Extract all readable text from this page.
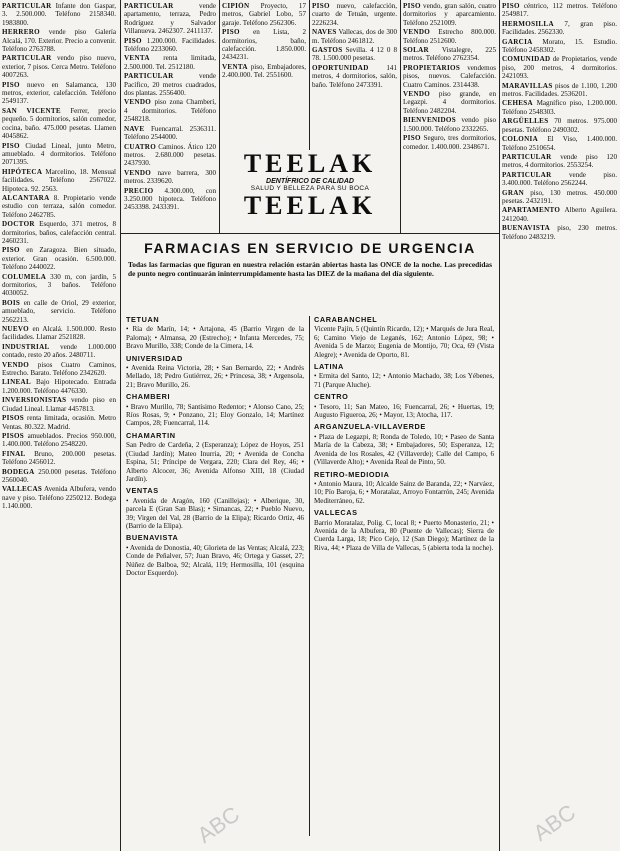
PARTICULAR Infante don Gaspar, 3. 2.500.000. Teléfono 2158340. 1983800.

HERRERO vende piso Galería Alcalá, 170. Exterior. Precio a convenir. Teléfono 2763788.

PARTICULAR vendo piso nuevo, exterior, 7 pisos. Cerca Metro. Teléfono 4007263.

PISO nuevo en Salamanca, 130 metros, exterior, calefacción. Teléfono 2549137.

SAN VICENTE Ferrer, precio pequeño. 5 dormitorios, salón comedor, cocina, baño. 475.000 pesetas. Llamen 4045862.

PISO Ciudad Lineal, junto Metro, amueblado. 4 dormitorios. Teléfono 2071395.

HIPÓTECA Marcelino, 18. Mensual facilidades. Teléfono 2567022. Hipoteca. 92. 2563.

ALCANTARA 8. Propietario vende estudio con terraza, salón comedor. Teléfono 2462785.

DOCTOR Esquerdo, 371 metros, 8 dormitorios, baños, calefacción central. 2460231.

PISO en Zaragoza. Bien situado, exterior. Gran ocasión. 6.500.000. Teléfono 2440022.

COLUMELA 330 m, con jardín, 5 dormitorios, 3 baños. Teléfono 4030052.

BOIS en calle de Oriol, 29 exterior, amueblado, servicio. Teléfono 2562213.

NUEVO en Alcalá. 1.500.000. Resto facilidades. Llamar 2521828.

INDUSTRIAL vende 1.000.000 contado, resto 20 años. 2480711.

VENDO pisos Cuatro Caminos, Estrecho. Barato. Teléfono 2342620.

LINEAL Bajo Hipotecado. Entrada 1.200.000. Teléfono 4476330.

INVERSIONISTAS vendo piso en Ciudad Lineal. Llamar 4457813.

PISOS renta limitada, ocasión. Metro Ventas. 80.322. Madrid.

PISOS amueblados. Precios 950.000, 1.400.000. Teléfono 2548220.

FINAL Bruno, 200.000 pesetas. Teléfono 2456012.

BODEGA 250.000 pesetas. Teléfono 2560040.

VALLECAS Avenida Albufera, vendo nave y piso. Teléfono 2250212. Bodega 1.140.000.

PARTICULAR	vende apartamento, terraza, Pedro Rodríguez y Salvador Villanueva. 2462307. 2411137.

PISO 1.200.000. Facilidades. Teléfono 2233060.

VENTA renta limitada, 2.500.000. Tel. 2512180.

PARTICULAR	vende Pacífico, 20 metros cuadrados, dos plantas. 2556400.

VENDO piso zona Chamberí, 4 dormitorios. Teléfono 2548218.

NAVE Fuencarral. 2536311. Teléfono 2544000.

CUATRO Caminos. Ático 120 metros. 2.680.000 pesetas. 2437930.

VENDO nave barrera, 300 metros. 2339620.

PRECIO 4.300.000, con 3.250.000 hipoteca. Teléfono 2453398. 2433391.

CIPIÓN Proyecto, 17 metros, Gabriel Lobo, 57 garaje. Teléfono 2562306.

PISO en Lista, 2 dormitorios, baño, calefacción. 1.850.000. 2434231.

VENTA piso, Embajadores, 2.400.000. Tel. 2551600.

PISO nuevo, calefacción, cuarto de Tetuán, urgente. 2226234.

NAVES Vallecas, dos de 300 m. Teléfono 2461812.

GASTOS Sevilla. 4 12 0 8 78. 1.500.000 pesetas.

OPORTUNIDAD 141 metros, 4 dormitorios, salón, baño. Teléfono 2473391.

PISO vendo, gran salón, cuatro dormitorios y aparcamiento. Teléfono 2521009.

VENDO Estrecho 800.000. Teléfono 2512600.

SOLAR Vistalegre, 225 metros. Teléfono 2762354.

PROPIETARIOS vendemos pisos, nuevos. Calefacción. Cuatro Caminos. 2314438.

VENDO piso grande, en Legazpi. 4 dormitorios. Teléfono 2482204.

BIENVENIDOS vendo piso 1.500.000. Teléfono 2332265.

PISO Seguro, tres dormitorios, comedor. 1.400.000. 2348671.

PISO céntrico, 112 metros. Teléfono 2549817.

HERMOSILLA 7, gran piso. Facilidades. 2562330.

GARCIA Morato, 15. Estudio. Teléfono 2458302.

COMUNIDAD de Propietarios, vende piso, 200 metros, 4 dormitorios. 2421093.

MARAVILLAS pisos de 1.100, 1.200 metros. Facilidades. 2536201.

CEHESA Magnífico piso, 1.200.000. Teléfono 2548303.

ARGÜELLES 70 metros. 975.000 pesetas. Teléfono 2490302.

COLONIA El Viso, 1.400.000. Teléfono 2510654.

PARTICULAR vende piso 120 metros, 4 dormitorios. 2553254.

PARTICULAR vende piso. 3.400.000. Teléfono 2562244.

GRAN piso, 130 metros. 450.000 pesetas. 2432191.

APARTAMENTO Alberto Aguilera. 2412040.

BUENAVISTA piso, 230 metros. Teléfono 2483219.

TEELAK
DENTÍFRICO DE CALIDAD
SALUD Y BELLEZA PARA SU BOCA
TEELAK
FARMACIAS EN SERVICIO DE URGENCIA
Todas las farmacias que figuran en nuestra relación estarán abiertas hasta las ONCE de la noche. Las precedidas de punto negro continuarán ininterrumpidamente hasta las DIEZ de la mañana del día siguiente.
TETUAN
• Ría de Marín, 14; • Artajona, 45 (Barrio Virgen de la Paloma); • Almansa, 20 (Estrecho); • Infanta Mercedes, 75; Bravo Murillo, 338; Conde de la Cimera, 14.
UNIVERSIDAD
• Avenida Reina Victoria, 28; • San Bernardo, 22; • Andrés Mellado, 18; Pedro Gutiérrez, 26; • Princesa, 38; • Argensola, 21; Bravo Murillo, 26.
CHAMBERI
• Bravo Murillo, 78; Santísimo Redentor; • Alonso Cano, 25; Ríos Rosas, 9; • Ponzano, 21; Eloy Gonzalo, 14; Martínez Campos, 28; Fuencarral, 114.
CHAMARTIN
San Pedro de Cardeña, 2 (Esperanza); López de Hoyos, 251 (Ciudad Jardín); Mateo Inurria, 20; • Avenida de Concha Espina, 51; Príncipe de Vergara, 220; Clara del Rey, 46; • Alberto Alcocer, 36; Avenida Alfonso XIII, 18 (Ciudad Jardín).
VENTAS
• Avenida de Aragón, 160 (Canillejas); • Alberique, 30, parcela E (Gran San Blas); • Simancas, 22; • Pueblo Nuevo, 39; Virgen del Val, 28 (Barrio de la Elipa); Ricardo Ortiz, 46 (Barrio de la Elipa).
BUENAVISTA
• Avenida de Donostia, 40; Glorieta de las Ventas; Alcalá, 223; Conde de Peñalver, 57; Juan Bravo, 46; Ortega y Gasset, 27; Núñez de Balboa, 92; Alcalá, 119; Hermosilla, 101 (esquina Doctor Esquerdo).
CARABANCHEL
Vicente Pajín, 5 (Quintín Ricardo, 12); • Marqués de Jura Real, 6; Camino Viejo de Leganés, 162; Antonio López, 98; • Avenida 5 de Marzo; Eugenia de Montijo, 70; Oca, 69 (Vista Alegre); • Avenida de Oporto, 81.
LATINA
• Ermita del Santo, 12; • Antonio Machado, 38; Los Yébenes, 71 (Parque Aluche).
CENTRO
• Tesoro, 11; San Mateo, 16; Fuencarral, 26; • Huertas, 19; Augusto Figueroa, 26; • Mayor, 13; Atocha, 117.
ARGANZUELA-VILLAVERDE
• Plaza de Legazpi, 8; Ronda de Toledo, 10; • Paseo de Santa María de la Cabeza, 38; • Embajadores, 50; Esperanza, 12; Avenida de los Rosales, 42 (Villaverde); Calle del Campo, 6 (Villaverde Alto); • Avenida Real de Pinto, 50.
RETIRO-MEDIODIA
• Antonio Maura, 10; Alcalde Sainz de Baranda, 22; • Narváez, 10; Pío Baroja, 6; • Moratalaz, Arroyo Fontarrón, 245; Avenida Mediterráneo, 62.
VALLECAS
Barrio Moratalaz, Polig. C, local 8; • Puerto Monasterio, 21; • Avenida de la Albufera, 80 (Puente de Vallecas); Sierra de Cuerda Larga, 18; Pico Cejo, 12 (San Diego); Martínez de la Riva, 44; • Plaza de Villa de Vallecas, 5 (abierta toda la noche).
ABC	ABC
